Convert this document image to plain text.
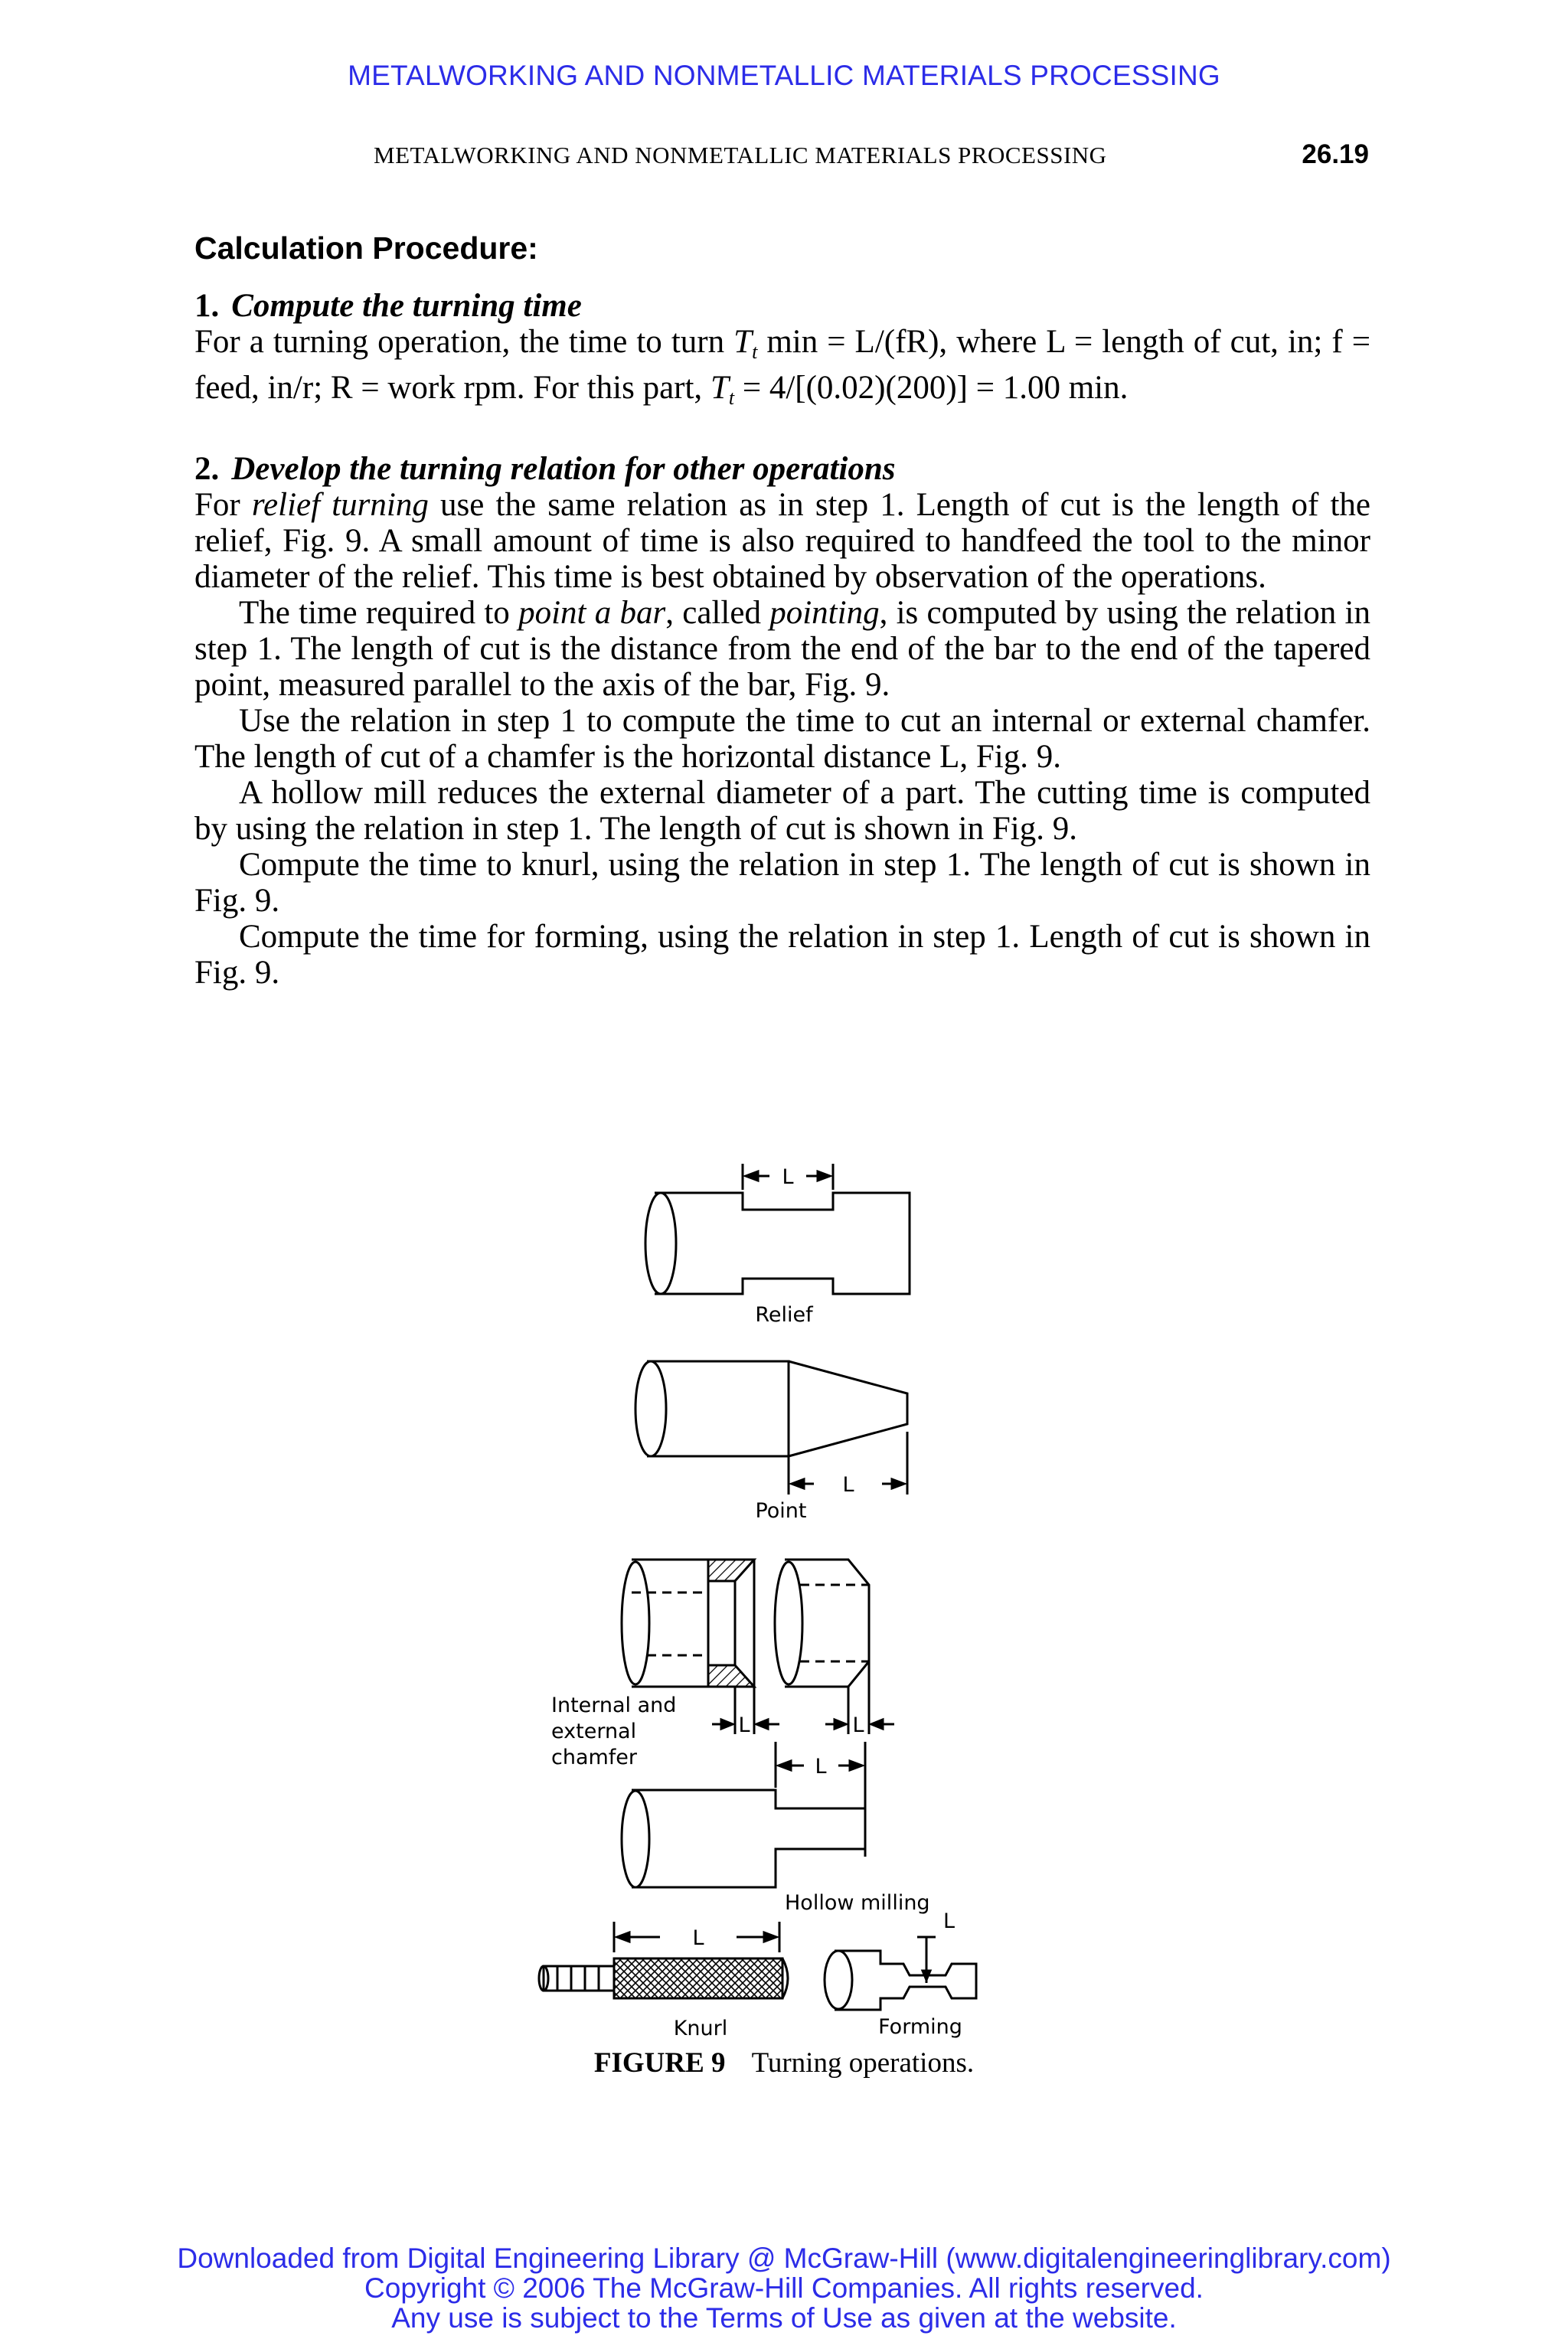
METALWORKING AND NONMETALLIC MATERIALS PROCESSING
METALWORKING AND NONMETALLIC MATERIALS PROCESSING	26.19
Calculation Procedure:
1. Compute the turning time

For a turning operation, the time to turn $T_t$ min = L/(fR), where L = length of cut, in; f = feed, in/r; R = work rpm. For this part, $T_t = 4/[(0.02)(200)] = 1.00$ min.

2. Develop the turning relation for other operations

For relief turning use the same relation as in step 1. Length of cut is the length of the relief, Fig. 9. A small amount of time is also required to handfeed the tool to the minor diameter of the relief. This time is best obtained by observation of the operations.

The time required to point a bar, called pointing, is computed by using the relation in step 1. The length of cut is the distance from the end of the bar to the end of the tapered point, measured parallel to the axis of the bar, Fig. 9.

Use the relation in step 1 to compute the time to cut an internal or external chamfer. The length of cut of a chamfer is the horizontal distance L, Fig. 9.

A hollow mill reduces the external diameter of a part. The cutting time is computed by using the relation in step 1. The length of cut is shown in Fig. 9.

Compute the time to knurl, using the relation in step 1. The length of cut is shown in Fig. 9.

Compute the time for forming, using the relation in step 1. Length of cut is shown in Fig. 9.

L
Relief
L
Point
L
Internal and
external
chamfer
L
L
Hollow milling
L
Knurl
L
Forming
FIGURE 9 Turning operations.
Downloaded from Digital Engineering Library @ McGraw-Hill (www.digitalengineeringlibrary.com)
Copyright © 2006 The McGraw-Hill Companies. All rights reserved.
Any use is subject to the Terms of Use as given at the website.
